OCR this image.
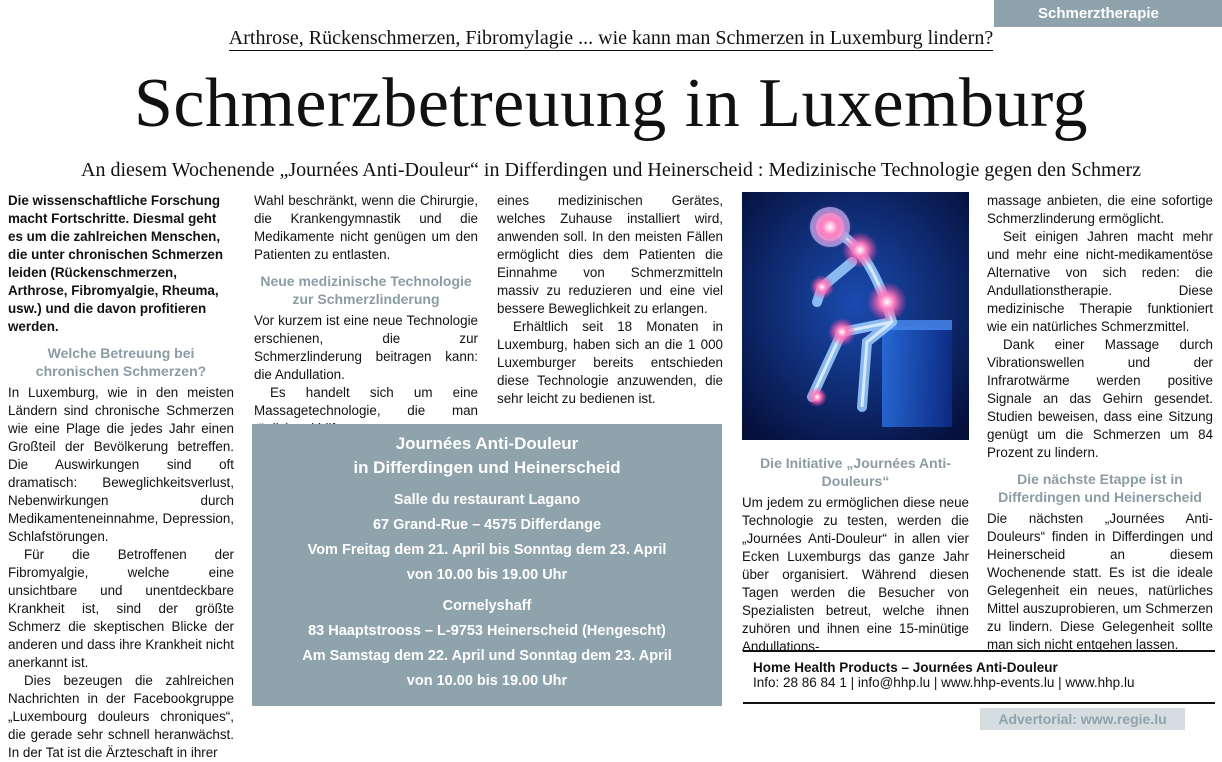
Schmerztherapie
Arthrose, Rückenschmerzen, Fibromylagie ... wie kann man Schmerzen in Luxemburg lindern?
Schmerzbetreuung in Luxemburg
An diesem Wochenende „Journées Anti-Douleur“ in Differdingen und Heinerscheid : Medizinische Technologie gegen den Schmerz

Die wissenschaftliche Forschung macht Fortschritte. Diesmal geht es um die zahlreichen Menschen, die unter chronischen Schmerzen leiden (Rückenschmerzen, Arthrose, Fibromyalgie, Rheuma, usw.) und die davon profitieren werden.

Welche Betreuung bei chronischen Schmerzen?

In Luxemburg, wie in den meisten Ländern sind chronische Schmerzen wie eine Plage die jedes Jahr einen Großteil der Bevölkerung betreffen. Die Auswirkungen sind oft dramatisch: Beweglichkeitsverlust, Nebenwirkungen durch Medikamenteneinnahme, Depression, Schlafstörungen.

Für die Betroffenen der Fibromyalgie, welche eine unsichtbare und unentdeckbare Krankheit ist, sind der größte Schmerz die skeptischen Blicke der anderen und dass ihre Krankheit nicht anerkannt ist.

Dies bezeugen die zahlreichen Nachrichten in der Facebookgruppe „Luxembourg douleurs chroniques“, die gerade sehr schnell heranwächst. In der Tat ist die Ärzteschaft in ihrer

Wahl beschränkt, wenn die Chirurgie, die Krankengymnastik und die Medikamente nicht genügen um den Patienten zu entlasten.

Neue medizinische Technologie zur Schmerzlinderung

Vor kurzem ist eine neue Technologie erschienen, die zur Schmerzlinderung beitragen kann: die Andullation.

Es handelt sich um eine Massagetechnologie, die man

eines medizinischen Gerätes, welches Zuhause installiert wird, anwenden soll. In den meisten Fällen ermöglicht dies dem Patienten die Einnahme von Schmerzmitteln massiv zu reduzieren und eine viel bessere Beweglichkeit zu erlangen.

Erhältlich seit 18 Monaten in Luxemburg, haben sich an die 1 000 Luxemburger bereits entschieden diese Technologie anzuwenden, die sehr leicht zu bedienen ist.

Journées Anti-Douleur
in Differdingen und Heinerscheid
Salle du restaurant Lagano
67 Grand-Rue – 4575 Differdange
Vom Freitag dem 21. April bis Sonntag dem 23. April
von 10.00 bis 19.00 Uhr
Cornelyshaff
83 Haaptstrooss – L-9753 Heinerscheid (Hengescht)
Am Samstag dem 22. April und Sonntag dem 23. April
von 10.00 bis 19.00 Uhr
Die Initiative „Journées Anti-Douleurs“

Um jedem zu ermöglichen diese neue Technologie zu testen, werden die „Journées Anti-Douleur“ in allen vier Ecken Luxemburgs das ganze Jahr über organisiert. Während diesen Tagen werden die Besucher von Spezialisten betreut, welche ihnen zuhören und ihnen eine 15-minütige Andullations-

massage anbieten, die eine sofortige Schmerzlinderung ermöglicht.

Seit einigen Jahren macht mehr und mehr eine nicht-medikamentöse Alternative von sich reden: die Andullationstherapie. Diese medizinische Therapie funktioniert wie ein natürliches Schmerzmittel.

Dank einer Massage durch Vibrationswellen und der Infrarotwärme werden positive Signale an das Gehirn gesendet. Studien beweisen, dass eine Sitzung genügt um die Schmerzen um 84 Prozent zu lindern.

Die nächste Etappe ist in Differdingen und Heinerscheid

Die nächsten „Journées Anti-Douleurs“ finden in Differdingen und Heinerscheid an diesem Wochenende statt. Es ist die ideale Gelegenheit ein neues, natürliches Mittel auszuprobieren, um Schmerzen zu lindern. Diese Gelegenheit sollte man sich nicht entgehen lassen.

Home Health Products – Journées Anti-Douleur
Info: 28 86 84 1 | info@hhp.lu | www.hhp-events.lu | www.hhp.lu
Advertorial: www.regie.lu
